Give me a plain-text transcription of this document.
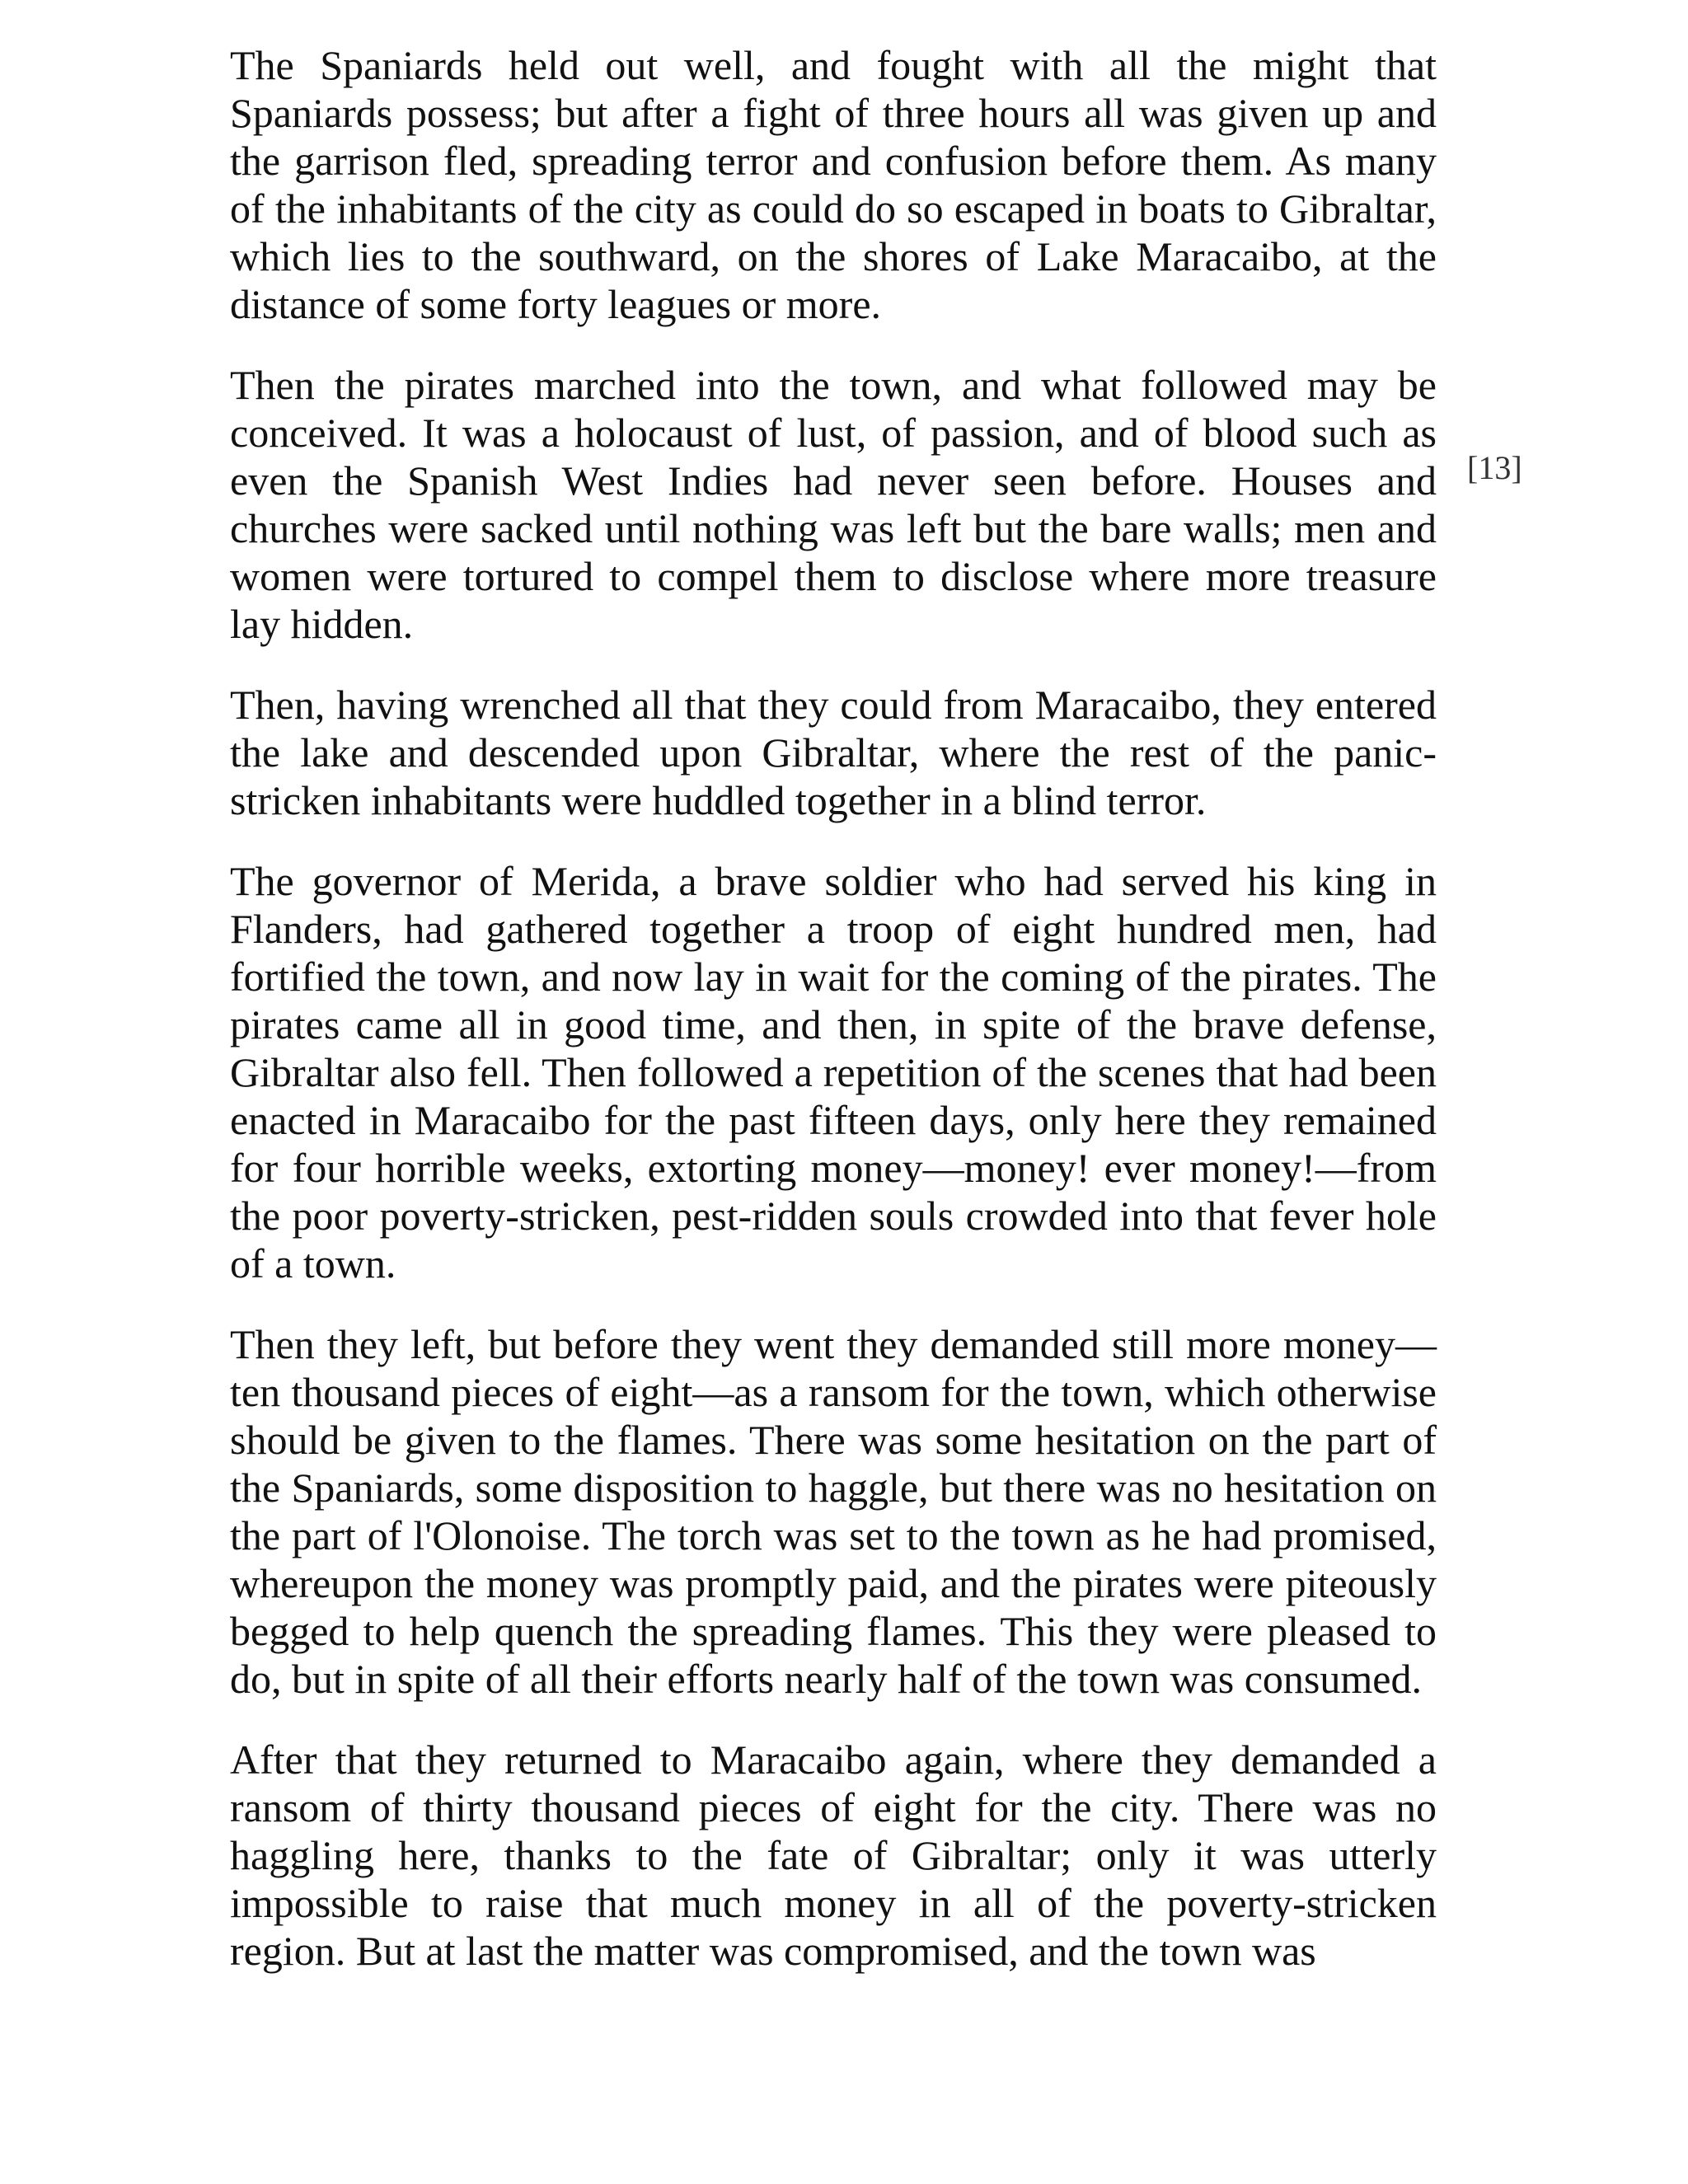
The Spaniards held out well, and fought with all the might that Spaniards possess; but after a fight of three hours all was given up and the garrison fled, spreading terror and confusion before them. As many of the inhabitants of the city as could do so escaped in boats to Gibraltar, which lies to the southward, on the shores of Lake Maracaibo, at the distance of some forty leagues or more.

Then the pirates marched into the town, and what followed may be conceived. It was a holocaust of lust, of passion, and of blood such as even the Spanish West Indies had never seen before. Houses and churches were sacked until nothing was left but the bare walls; men and women were tortured to compel them to disclose where more treasure lay hidden.

Then, having wrenched all that they could from Maracaibo, they entered the lake and descended upon Gibraltar, where the rest of the panic-stricken inhabitants were huddled together in a blind terror.

The governor of Merida, a brave soldier who had served his king in Flanders, had gathered together a troop of eight hundred men, had fortified the town, and now lay in wait for the coming of the pirates. The pirates came all in good time, and then, in spite of the brave defense, Gibraltar also fell. Then followed a repetition of the scenes that had been enacted in Maracaibo for the past fifteen days, only here they remained for four horrible weeks, extorting money—money! ever money!—from the poor poverty-stricken, pest-ridden souls crowded into that fever hole of a town.

Then they left, but before they went they demanded still more money—ten thousand pieces of eight—as a ransom for the town, which otherwise should be given to the flames. There was some hesitation on the part of the Spaniards, some disposition to haggle, but there was no hesitation on the part of l'Olonoise. The torch was set to the town as he had promised, whereupon the money was promptly paid, and the pirates were piteously begged to help quench the spreading flames. This they were pleased to do, but in spite of all their efforts nearly half of the town was consumed.

After that they returned to Maracaibo again, where they demanded a ransom of thirty thousand pieces of eight for the city. There was no haggling here, thanks to the fate of Gibraltar; only it was utterly impossible to raise that much money in all of the poverty-stricken region. But at last the matter was compromised, and the town was

[13]
